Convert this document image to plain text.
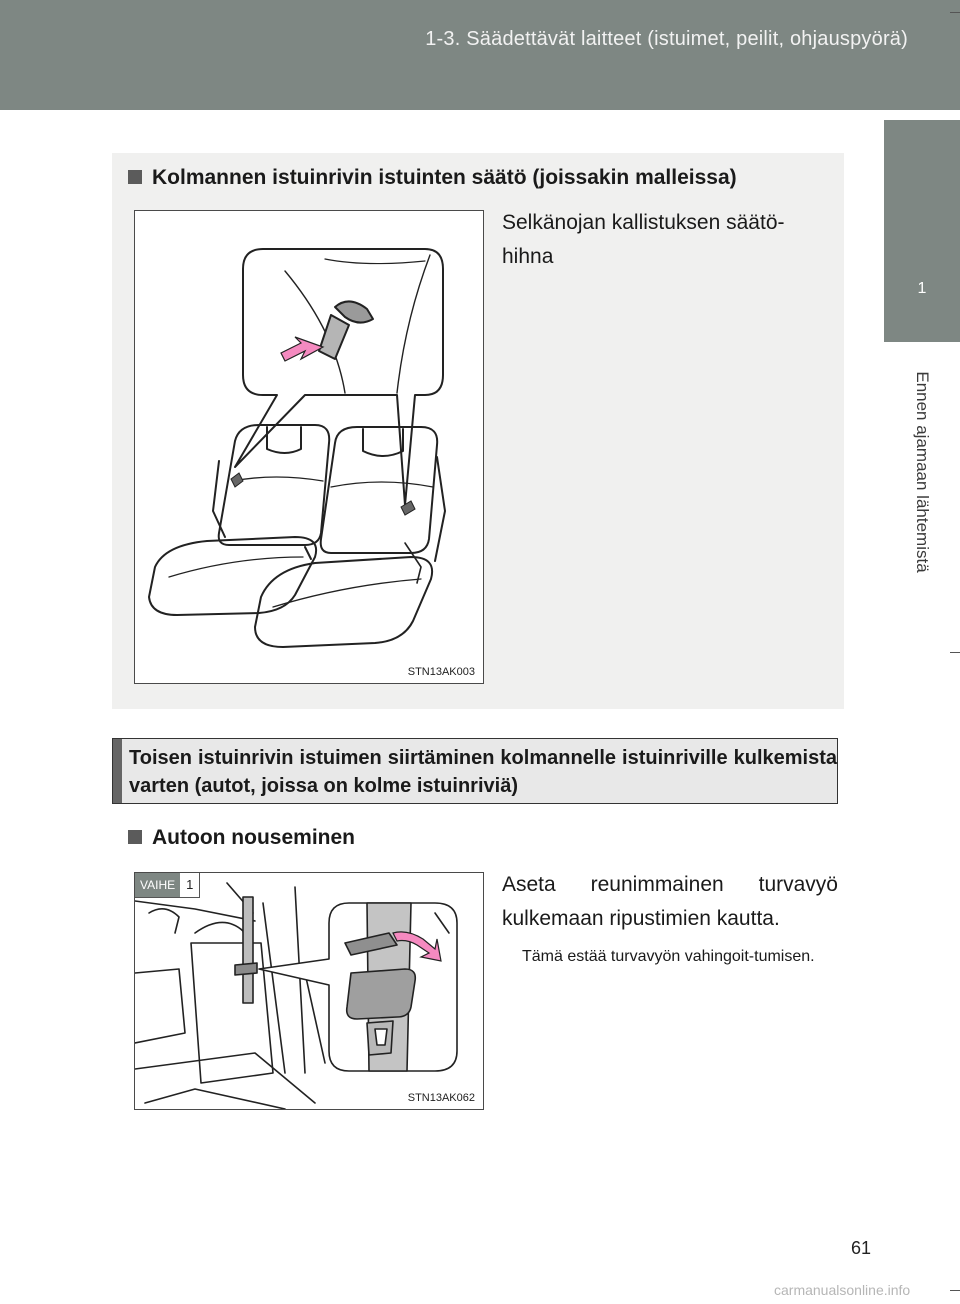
1-3. Säädettävät laitteet (istuimet, peilit, ohjauspyörä)
1
Ennen ajamaan lähtemistä
Kolmannen istuinrivin istuinten säätö (joissakin malleissa)
STN13AK003
Selkänojan kallistuksen säätö-hihna
Toisen istuinrivin istuimen siirtäminen kolmannelle istuinriville kulkemista varten (autot, joissa on kolme istuinriviä)
Autoon nouseminen
VAIHE 1
STN13AK062
Aseta reunimmainen turvavyö kulkemaan ripustimien kautta.
Tämä estää turvavyön vahingoit-tumisen.
61
carmanualsonline.info
